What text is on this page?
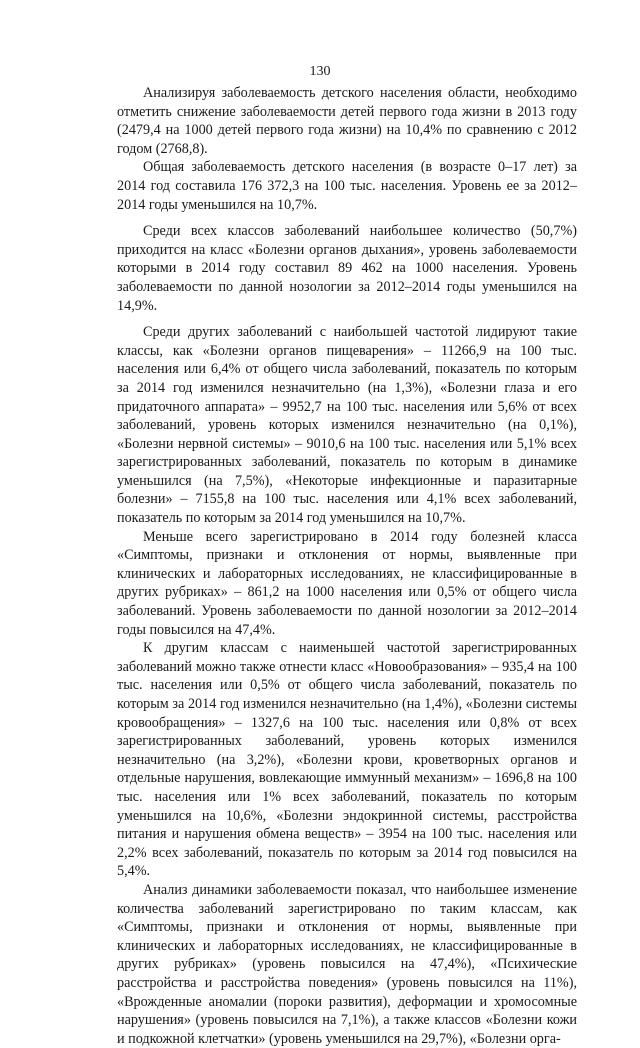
130

Анализируя заболеваемость детского населения области, необходимо отметить снижение заболеваемости детей первого года жизни в 2013 году (2479,4 на 1000 детей первого года жизни) на 10,4% по сравнению с 2012 годом (2768,8).

Общая заболеваемость детского населения (в возрасте 0–17 лет) за 2014 год составила 176 372,3 на 100 тыс. населения. Уровень ее за 2012–2014 годы уменьшился на 10,7%.

Среди всех классов заболеваний наибольшее количество (50,7%) приходится на класс «Болезни органов дыхания», уровень заболеваемости которыми в 2014 году составил 89 462 на 1000 населения. Уровень заболеваемости по данной нозологии за 2012–2014 годы уменьшился на 14,9%.

Среди других заболеваний с наибольшей частотой лидируют такие классы, как «Болезни органов пищеварения» – 11266,9 на 100 тыс. населения или 6,4% от общего числа заболеваний, показатель по которым за 2014 год изменился незначительно (на 1,3%), «Болезни глаза и его придаточного аппарата» – 9952,7 на 100 тыс. населения или 5,6% от всех заболеваний, уровень которых изменился незначительно (на 0,1%), «Болезни нервной системы» – 9010,6 на 100 тыс. населения или 5,1% всех зарегистрированных заболеваний, показатель по которым в динамике уменьшился (на 7,5%), «Некоторые инфекционные и паразитарные болезни» – 7155,8 на 100 тыс. населения или 4,1% всех заболеваний, показатель по которым за 2014 год уменьшился на 10,7%.

Меньше всего зарегистрировано в 2014 году болезней класса «Симптомы, признаки и отклонения от нормы, выявленные при клинических и лабораторных исследованиях, не классифицированные в других рубриках» – 861,2 на 1000 населения или 0,5% от общего числа заболеваний. Уровень заболеваемости по данной нозологии за 2012–2014 годы повысился на 47,4%.

К другим классам с наименьшей частотой зарегистрированных заболеваний можно также отнести класс «Новообразования» – 935,4 на 100 тыс. населения или 0,5% от общего числа заболеваний, показатель по которым за 2014 год изменился незначительно (на 1,4%), «Болезни системы кровообращения» – 1327,6 на 100 тыс. населения или 0,8% от всех зарегистрированных заболеваний, уровень которых изменился незначительно (на 3,2%), «Болезни крови, кроветворных органов и отдельные нарушения, вовлекающие иммунный механизм» – 1696,8 на 100 тыс. населения или 1% всех заболеваний, показатель по которым уменьшился на 10,6%, «Болезни эндокринной системы, расстройства питания и нарушения обмена веществ» – 3954 на 100 тыс. населения или 2,2% всех заболеваний, показатель по которым за 2014 год повысился на 5,4%.

Анализ динамики заболеваемости показал, что наибольшее изменение количества заболеваний зарегистрировано по таким классам, как «Симптомы, признаки и отклонения от нормы, выявленные при клинических и лабораторных исследованиях, не классифицированные в других рубриках» (уровень повысился на 47,4%), «Психические расстройства и расстройства поведения» (уровень повысился на 11%), «Врожденные аномалии (пороки развития), деформации и хромосомные нарушения» (уровень повысился на 7,1%), а также классов «Болезни кожи и подкожной клетчатки» (уровень уменьшился на 29,7%), «Болезни орга-
